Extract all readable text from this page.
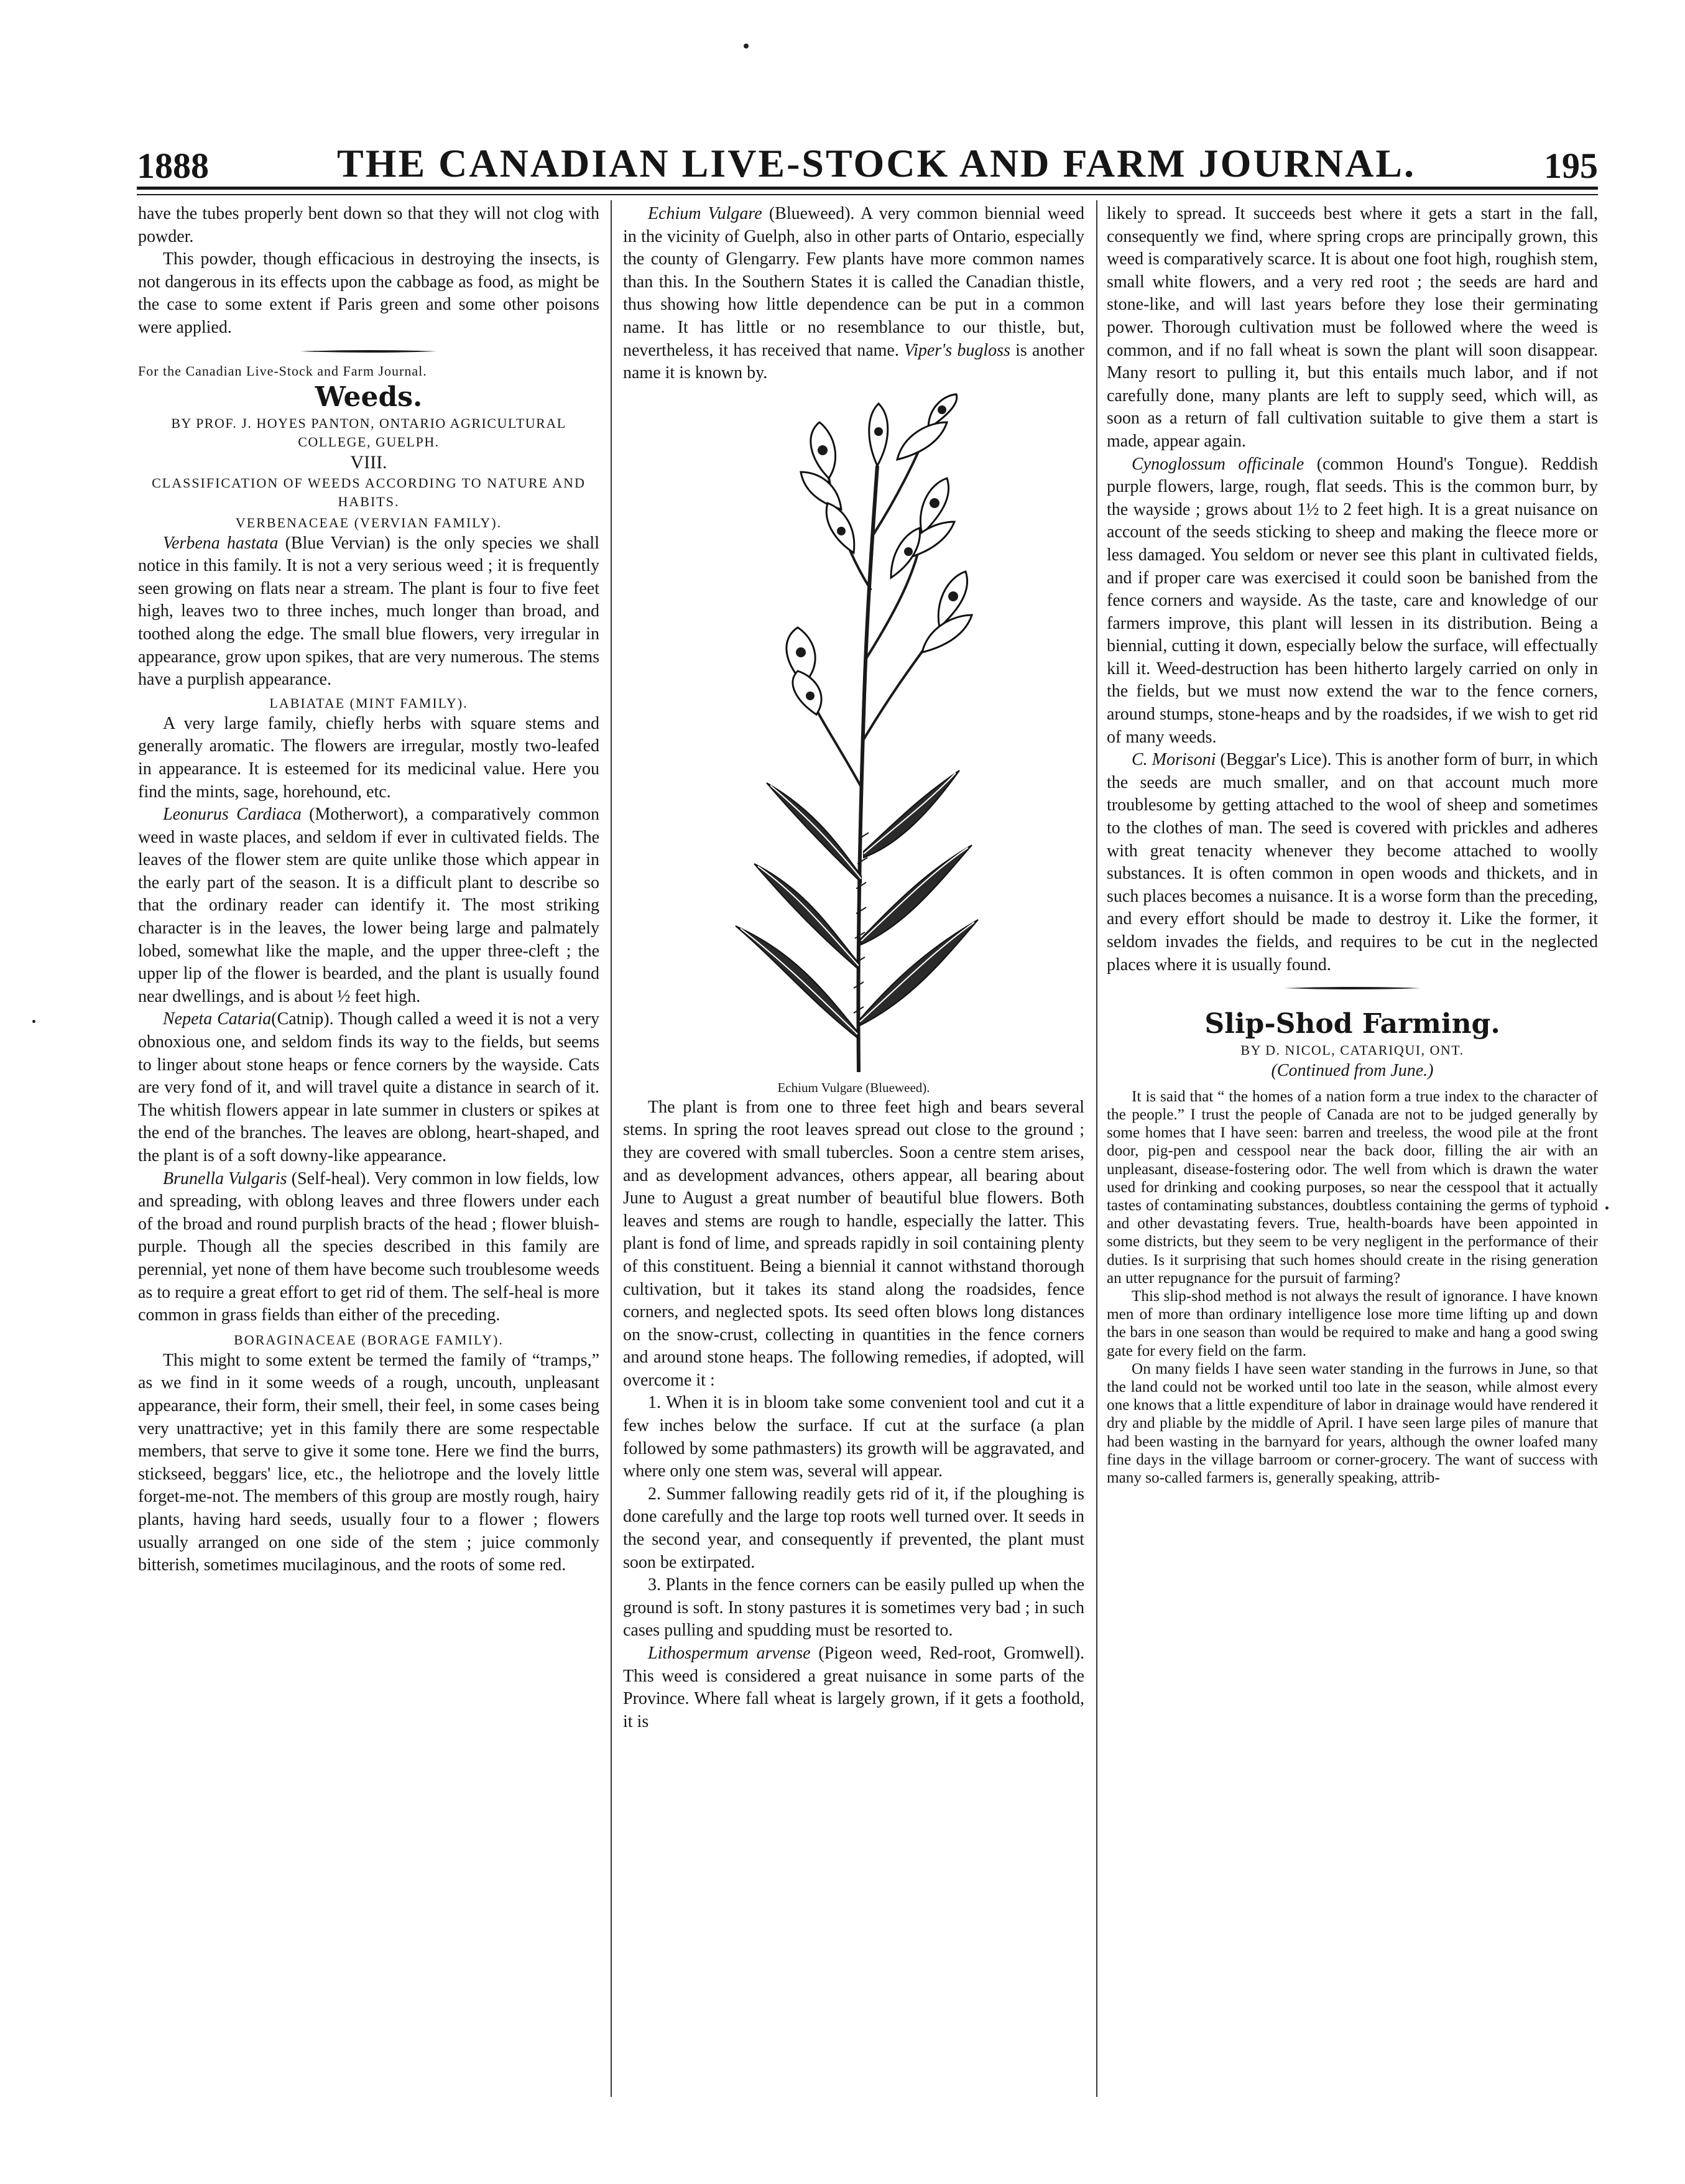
1888	THE CANADIAN LIVE-STOCK AND FARM JOURNAL.	195

have the tubes properly bent down so that they will not clog with powder.

This powder, though efficacious in destroying the insects, is not dangerous in its effects upon the cabbage as food, as might be the case to some extent if Paris green and some other poisons were applied.

For the Canadian Live-Stock and Farm Journal.

Weeds.

BY PROF. J. HOYES PANTON, ONTARIO AGRICULTURAL COLLEGE, GUELPH.

VIII.

CLASSIFICATION OF WEEDS ACCORDING TO NATURE AND HABITS.

VERBENACEAE (VERVIAN FAMILY).

Verbena hastata (Blue Vervian) is the only species we shall notice in this family. It is not a very serious weed ; it is frequently seen growing on flats near a stream. The plant is four to five feet high, leaves two to three inches, much longer than broad, and toothed along the edge. The small blue flowers, very irregular in appearance, grow upon spikes, that are very numerous. The stems have a purplish appearance.

LABIATAE (MINT FAMILY).

A very large family, chiefly herbs with square stems and generally aromatic. The flowers are irregular, mostly two-leafed in appearance. It is esteemed for its medicinal value. Here you find the mints, sage, horehound, etc.

Leonurus Cardiaca (Motherwort), a comparatively common weed in waste places, and seldom if ever in cultivated fields. The leaves of the flower stem are quite unlike those which appear in the early part of the season. It is a difficult plant to describe so that the ordinary reader can identify it. The most striking character is in the leaves, the lower being large and palmately lobed, somewhat like the maple, and the upper three-cleft ; the upper lip of the flower is bearded, and the plant is usually found near dwellings, and is about ½ feet high.

Nepeta Cataria(Catnip). Though called a weed it is not a very obnoxious one, and seldom finds its way to the fields, but seems to linger about stone heaps or fence corners by the wayside. Cats are very fond of it, and will travel quite a distance in search of it. The whitish flowers appear in late summer in clusters or spikes at the end of the branches. The leaves are oblong, heart-shaped, and the plant is of a soft downy-like appearance.

Brunella Vulgaris (Self-heal). Very common in low fields, low and spreading, with oblong leaves and three flowers under each of the broad and round purplish bracts of the head ; flower bluish-purple. Though all the species described in this family are perennial, yet none of them have become such troublesome weeds as to require a great effort to get rid of them. The self-heal is more common in grass fields than either of the preceding.

BORAGINACEAE (BORAGE FAMILY).

This might to some extent be termed the family of “tramps,” as we find in it some weeds of a rough, uncouth, unpleasant appearance, their form, their smell, their feel, in some cases being very unattractive; yet in this family there are some respectable members, that serve to give it some tone. Here we find the burrs, stickseed, beggars' lice, etc., the heliotrope and the lovely little forget-me-not. The members of this group are mostly rough, hairy plants, having hard seeds, usually four to a flower ; flowers usually arranged on one side of the stem ; juice commonly bitterish, sometimes mucilaginous, and the roots of some red.

Echium Vulgare (Blueweed). A very common biennial weed in the vicinity of Guelph, also in other parts of Ontario, especially the county of Glengarry. Few plants have more common names than this. In the Southern States it is called the Canadian thistle, thus showing how little dependence can be put in a common name. It has little or no resemblance to our thistle, but, nevertheless, it has received that name. Viper's bugloss is another name it is known by.

Echium Vulgare (Blueweed).

The plant is from one to three feet high and bears several stems. In spring the root leaves spread out close to the ground ; they are covered with small tubercles. Soon a centre stem arises, and as development advances, others appear, all bearing about June to August a great number of beautiful blue flowers. Both leaves and stems are rough to handle, especially the latter. This plant is fond of lime, and spreads rapidly in soil containing plenty of this constituent. Being a biennial it cannot withstand thorough cultivation, but it takes its stand along the roadsides, fence corners, and neglected spots. Its seed often blows long distances on the snow-crust, collecting in quantities in the fence corners and around stone heaps. The following remedies, if adopted, will overcome it :

1. When it is in bloom take some convenient tool and cut it a few inches below the surface. If cut at the surface (a plan followed by some pathmasters) its growth will be aggravated, and where only one stem was, several will appear.

2. Summer fallowing readily gets rid of it, if the ploughing is done carefully and the large top roots well turned over. It seeds in the second year, and consequently if prevented, the plant must soon be extirpated.

3. Plants in the fence corners can be easily pulled up when the ground is soft. In stony pastures it is sometimes very bad ; in such cases pulling and spudding must be resorted to.

Lithospermum arvense (Pigeon weed, Red-root, Gromwell). This weed is considered a great nuisance in some parts of the Province. Where fall wheat is largely grown, if it gets a foothold, it is

likely to spread. It succeeds best where it gets a start in the fall, consequently we find, where spring crops are principally grown, this weed is comparatively scarce. It is about one foot high, roughish stem, small white flowers, and a very red root ; the seeds are hard and stone-like, and will last years before they lose their germinating power. Thorough cultivation must be followed where the weed is common, and if no fall wheat is sown the plant will soon disappear. Many resort to pulling it, but this entails much labor, and if not carefully done, many plants are left to supply seed, which will, as soon as a return of fall cultivation suitable to give them a start is made, appear again.

Cynoglossum officinale (common Hound's Tongue). Reddish purple flowers, large, rough, flat seeds. This is the common burr, by the wayside ; grows about 1½ to 2 feet high. It is a great nuisance on account of the seeds sticking to sheep and making the fleece more or less damaged. You seldom or never see this plant in cultivated fields, and if proper care was exercised it could soon be banished from the fence corners and wayside. As the taste, care and knowledge of our farmers improve, this plant will lessen in its distribution. Being a biennial, cutting it down, especially below the surface, will effectually kill it. Weed-destruction has been hitherto largely carried on only in the fields, but we must now extend the war to the fence corners, around stumps, stone-heaps and by the roadsides, if we wish to get rid of many weeds.

C. Morisoni (Beggar's Lice). This is another form of burr, in which the seeds are much smaller, and on that account much more troublesome by getting attached to the wool of sheep and sometimes to the clothes of man. The seed is covered with prickles and adheres with great tenacity whenever they become attached to woolly substances. It is often common in open woods and thickets, and in such places becomes a nuisance. It is a worse form than the preceding, and every effort should be made to destroy it. Like the former, it seldom invades the fields, and requires to be cut in the neglected places where it is usually found.

Slip-Shod Farming.

BY D. NICOL, CATARIQUI, ONT.

(Continued from June.)

It is said that “ the homes of a nation form a true index to the character of the people.” I trust the people of Canada are not to be judged generally by some homes that I have seen: barren and treeless, the wood pile at the front door, pig-pen and cesspool near the back door, filling the air with an unpleasant, disease-fostering odor. The well from which is drawn the water used for drinking and cooking purposes, so near the cesspool that it actually tastes of contaminating substances, doubtless containing the germs of typhoid and other devastating fevers. True, health-boards have been appointed in some districts, but they seem to be very negligent in the performance of their duties. Is it surprising that such homes should create in the rising generation an utter repugnance for the pursuit of farming?

This slip-shod method is not always the result of ignorance. I have known men of more than ordinary intelligence lose more time lifting up and down the bars in one season than would be required to make and hang a good swing gate for every field on the farm.

On many fields I have seen water standing in the furrows in June, so that the land could not be worked until too late in the season, while almost every one knows that a little expenditure of labor in drainage would have rendered it dry and pliable by the middle of April. I have seen large piles of manure that had been wasting in the barnyard for years, although the owner loafed many fine days in the village barroom or corner-grocery. The want of success with many so-called farmers is, generally speaking, attrib-
